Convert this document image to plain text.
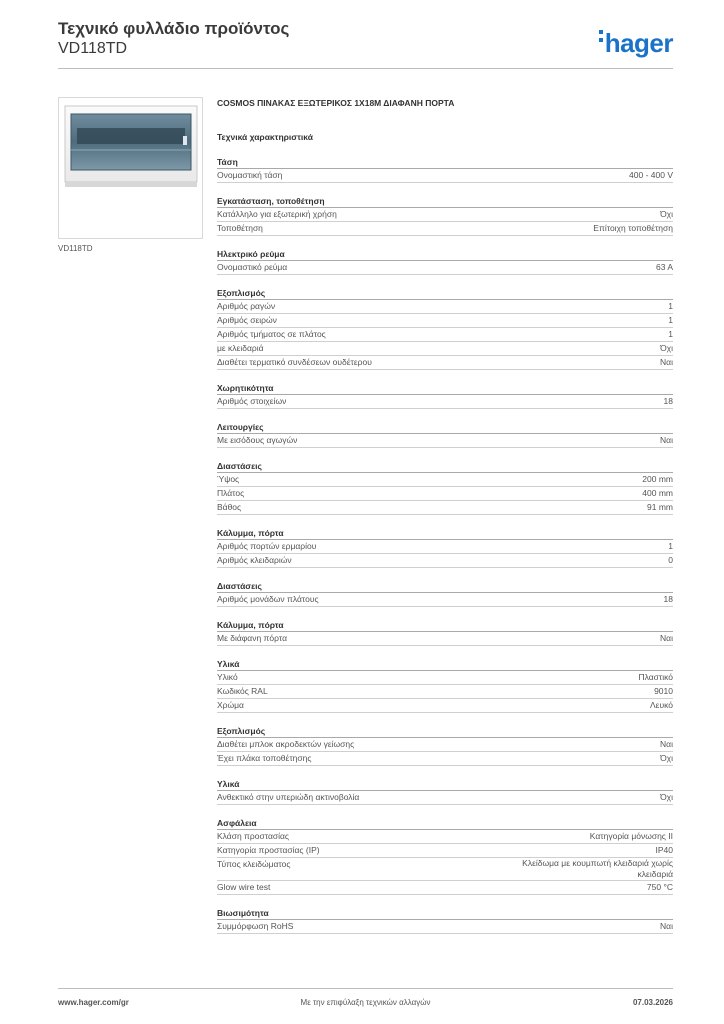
Τεχνικό φυλλάδιο προϊόντος
VD118TD	hager
VD118TD
COSMOS ΠΙΝΑΚΑΣ ΕΞΩΤΕΡΙΚΟΣ 1Χ18Μ ΔΙΑΦΑΝΗ ΠΟΡΤΑ
Τεχνικά χαρακτηριστικά
Τάση
Ονομαστική τάση	400 - 400 V
Εγκατάσταση, τοποθέτηση
Κατάλληλο για εξωτερική χρήση	Όχι
Τοποθέτηση	Επίτοιχη τοποθέτηση
Ηλεκτρικό ρεύμα
Ονομαστικό ρεύμα	63 A
Εξοπλισμός
Αριθμός ραγών	1
Αριθμός σειρών	1
Αριθμός τμήματος σε πλάτος	1
με κλειδαριά	Όχι
Διαθέτει τερματικό συνδέσεων ουδέτερου	Ναι
Χωρητικότητα
Αριθμός στοιχείων	18
Λειτουργίες
Με εισόδους αγωγών	Ναι
Διαστάσεις
Ύψος	200 mm
Πλάτος	400 mm
Βάθος	91 mm
Κάλυμμα, πόρτα
Αριθμός πορτών ερμαρίου	1
Αριθμός κλειδαριών	0
Διαστάσεις
Αριθμός μονάδων πλάτους	18
Κάλυμμα, πόρτα
Με διάφανη πόρτα	Ναι
Υλικά
Υλικό	Πλαστικό
Κωδικός RAL	9010
Χρώμα	Λευκό
Εξοπλισμός
Διαθέτει μπλοκ ακροδεκτών γείωσης	Ναι
Έχει πλάκα τοποθέτησης	Όχι
Υλικά
Ανθεκτικό στην υπεριώδη ακτινοβολία	Όχι
Ασφάλεια
Κλάση προστασίας	Κατηγορία μόνωσης II
Κατηγορία προστασίας (IP)	IP40
Τύπος κλειδώματος	Κλείδωμα με κουμπωτή κλειδαριά χωρίς κλειδαριά
Glow wire test	750 °C
Βιωσιμότητα
Συμμόρφωση RoHS	Ναι
www.hager.com/gr	Με την επιφύλαξη τεχνικών αλλαγών	07.03.2026
